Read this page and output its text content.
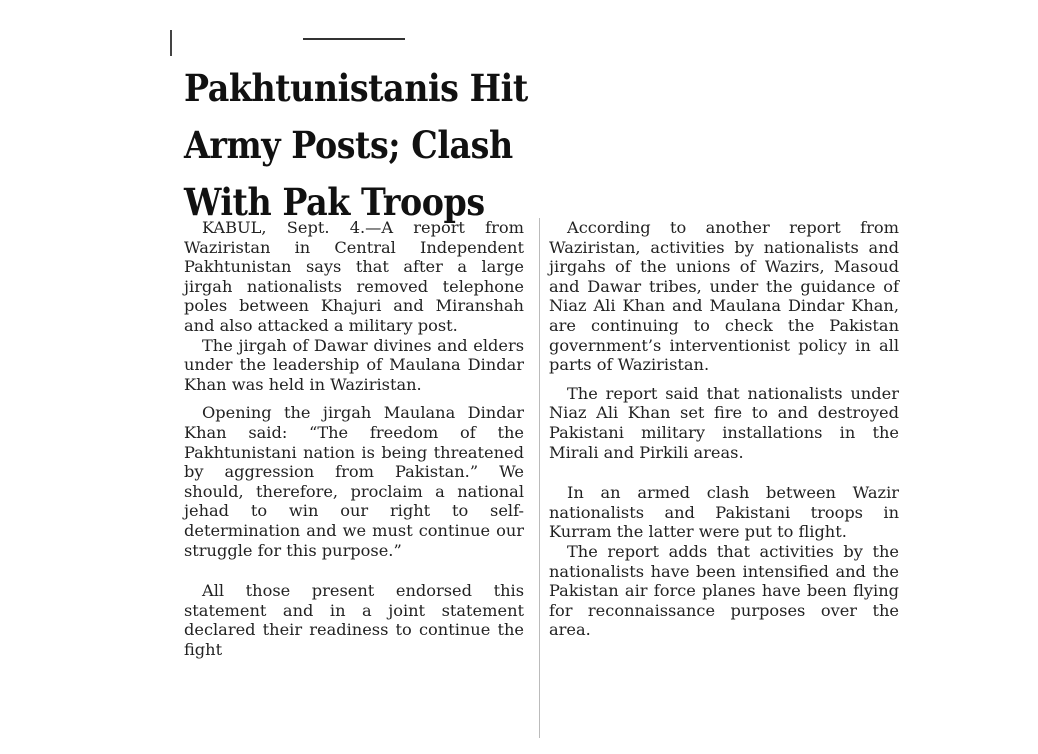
Pakhtunistanis Hit
Army Posts; Clash
With Pak Troops

KABUL, Sept. 4.—A report from Waziristan in Central Independent Pakhtunistan says that after a large jirgah nationalists removed telephone poles between Khajuri and Miranshah and also attacked a military post.

The jirgah of Dawar divines and elders under the leadership of Maulana Dindar Khan was held in Waziristan.

Opening the jirgah Maulana Dindar Khan said: “The freedom of the Pakhtunistani nation is being threatened by aggression from Pakistan.” We should, therefore, proclaim a national jehad to win our right to self-determination and we must continue our struggle for this purpose.”

All those present endorsed this statement and in a joint statement declared their readiness to continue the fight

According to another report from Waziristan, activities by nationalists and jirgahs of the unions of Wazirs, Masoud and Dawar tribes, under the guidance of Niaz Ali Khan and Maulana Dindar Khan, are continuing to check the Pakistan government’s interventionist policy in all parts of Waziristan.

The report said that nationalists under Niaz Ali Khan set fire to and destroyed Pakistani military installations in the Mirali and Pirkili areas.

In an armed clash between Wazir nationalists and Pakistani troops in Kurram the latter were put to flight.

The report adds that activities by the nationalists have been intensified and the Pakistan air force planes have been flying for reconnaissance purposes over the area.
